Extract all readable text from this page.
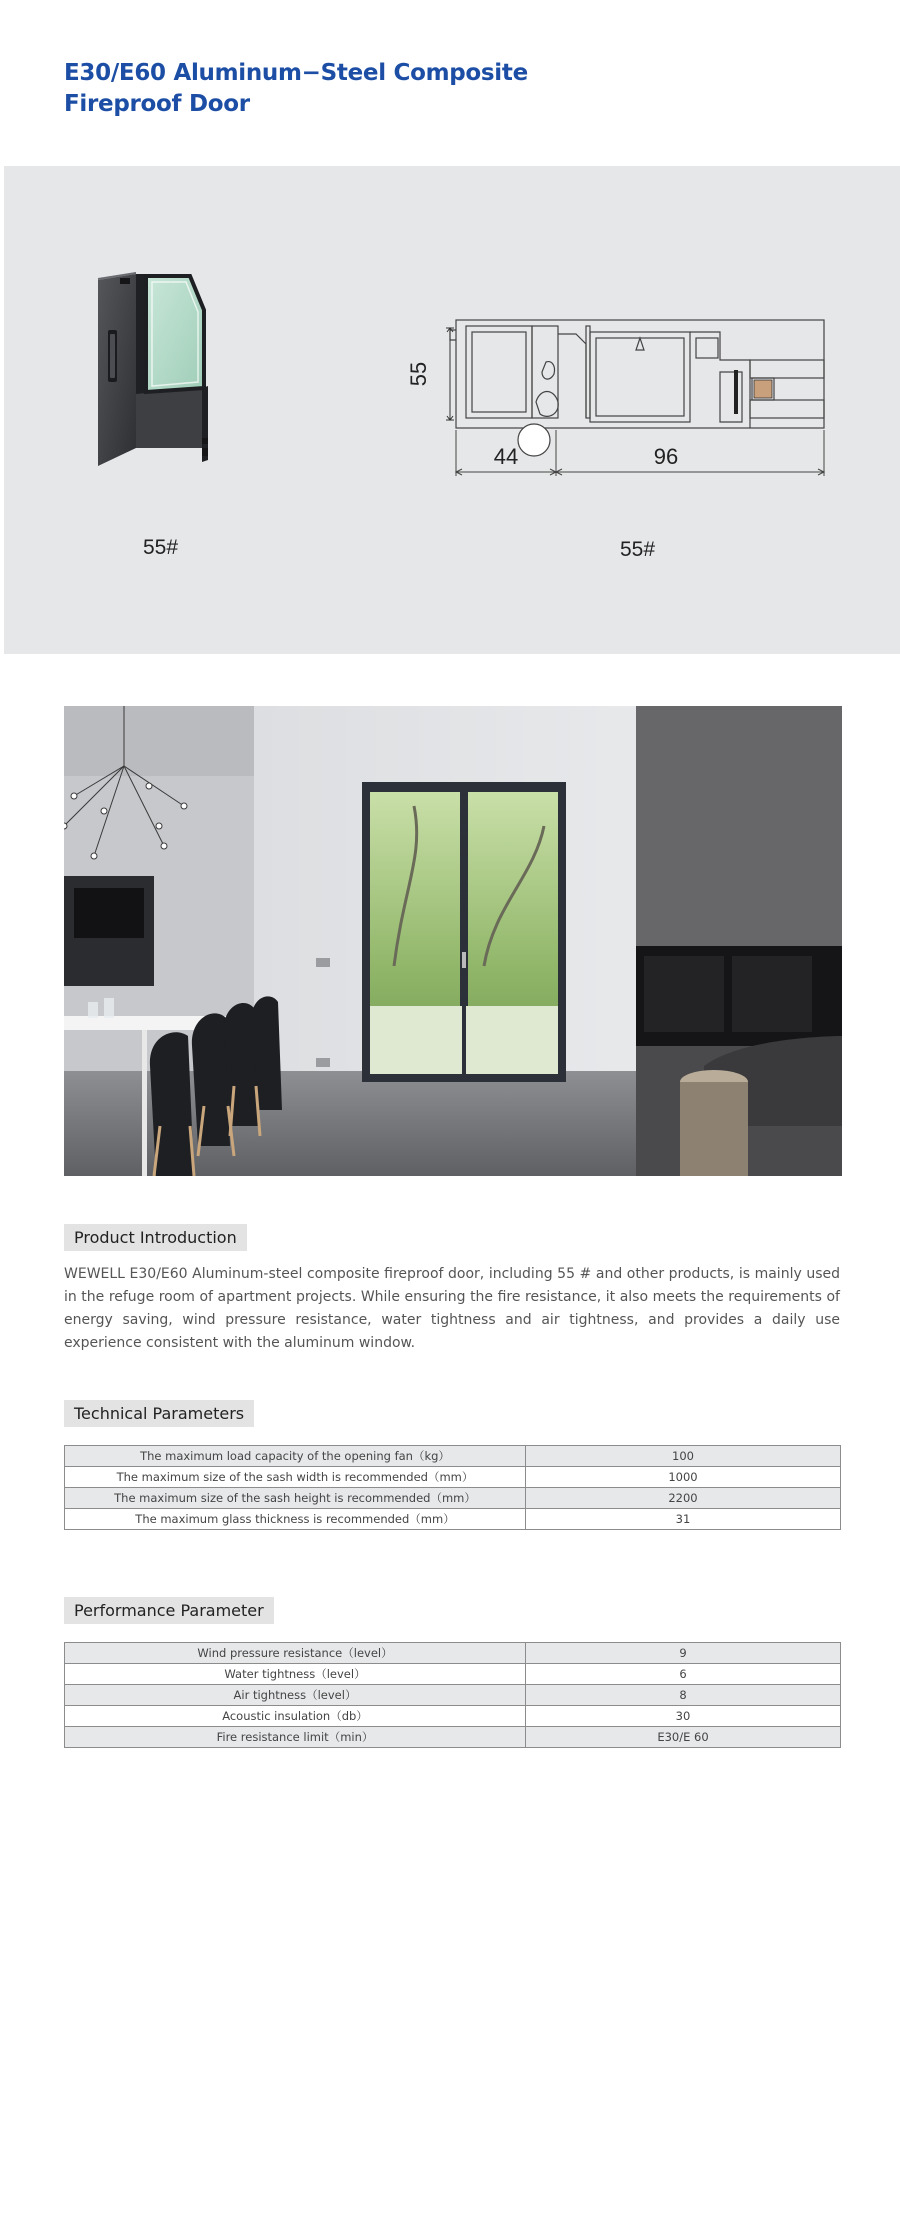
E30/E60 Aluminum−Steel Composite
Fireproof Door
55#
55
44	96
55#
Product Introduction

WEWELL E30/E60 Aluminum-steel composite fireproof door, including 55 # and other products, is mainly used in the refuge room of apartment projects. While ensuring the fire resistance, it also meets the requirements of energy saving, wind pressure resistance, water tightness and air tightness, and provides a daily use experience consistent with the aluminum window.

Technical Parameters
The maximum load capacity of the opening fan（kg）	100
The maximum size of the sash width is recommended（mm）	1000
The maximum size of the sash height is recommended（mm）	2200
The maximum glass thickness is recommended（mm）	31
Performance Parameter
Wind pressure resistance（level）	9
Water tightness（level）	6
Air tightness（level）	8
Acoustic insulation（db）	30
Fire resistance limit（min）	E30/E 60
